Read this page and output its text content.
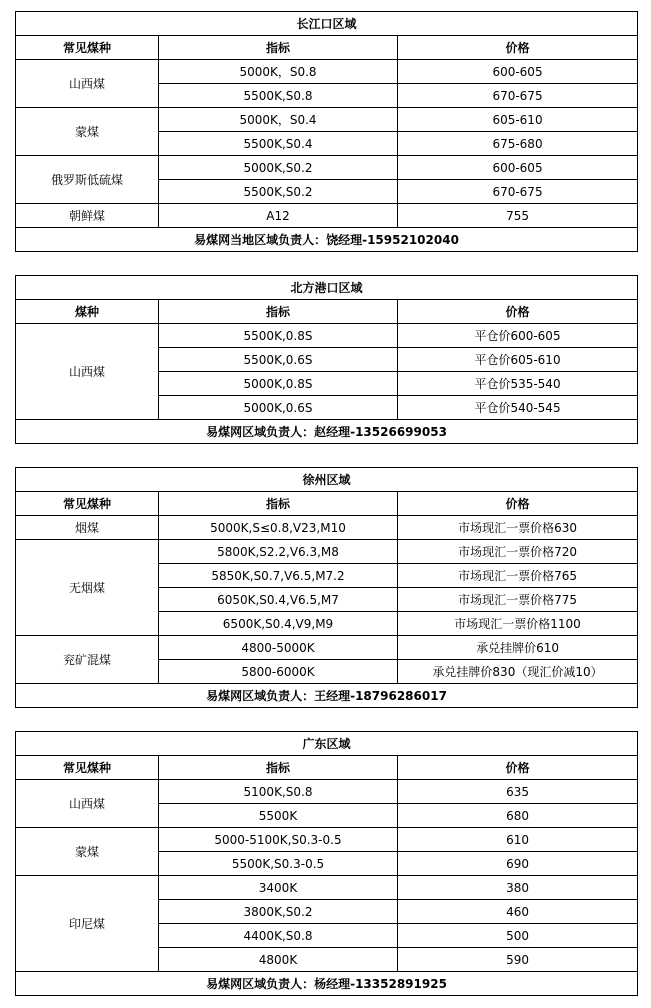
长江口区域		
常见煤种	指标	价格
山西煤	5000K，S0.8	600-605
	5500K,S0.8	670-675
蒙煤	5000K，S0.4	605-610
	5500K,S0.4	675-680
俄罗斯低硫煤	5000K,S0.2	600-605
	5500K,S0.2	670-675
朝鲜煤	A12	755
易煤网当地区域负责人：饶经理-15952102040		
北方港口区域		
煤种	指标	价格
山西煤	5500K,0.8S	平仓价600-605
	5500K,0.6S	平仓价605-610
	5000K,0.8S	平仓价535-540
	5000K,0.6S	平仓价540-545
易煤网区域负责人：赵经理-13526699053		
徐州区域		
常见煤种	指标	价格
烟煤	5000K,S≤0.8,V23,M10	市场现汇一票价格630
无烟煤	5800K,S2.2,V6.3,M8	市场现汇一票价格720
	5850K,S0.7,V6.5,M7.2	市场现汇一票价格765
	6050K,S0.4,V6.5,M7	市场现汇一票价格775
	6500K,S0.4,V9,M9	市场现汇一票价格1100
兖矿混煤	4800-5000K	承兑挂牌价610
	5800-6000K	承兑挂牌价830（现汇价减10）
易煤网区域负责人：王经理-18796286017		
广东区域		
常见煤种	指标	价格
山西煤	5100K,S0.8	635
	5500K	680
蒙煤	5000-5100K,S0.3-0.5	610
	5500K,S0.3-0.5	690
印尼煤	3400K	380
	3800K,S0.2	460
	4400K,S0.8	500
	4800K	590
易煤网区域负责人：杨经理-13352891925		
